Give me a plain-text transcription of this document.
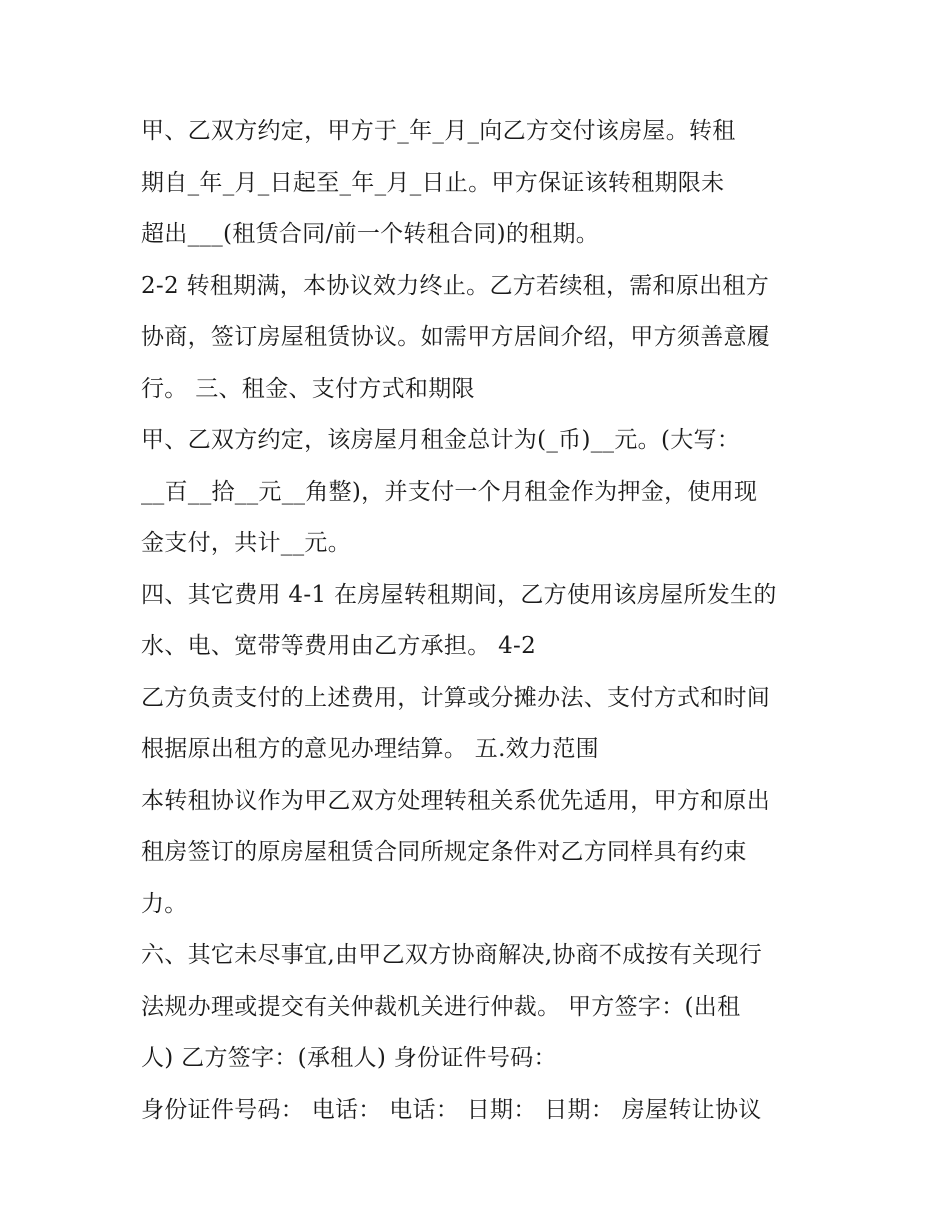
甲、乙双方约定，甲方于_年_月_向乙方交付该房屋。转租
期自_年_月_日起至_年_月_日止。甲方保证该转租期限未
超出___(租赁合同/前一个转租合同)的租期。
2-2 转租期满，本协议效力终止。乙方若续租，需和原出租方
协商，签订房屋租赁协议。如需甲方居间介绍，甲方须善意履
行。 三、租金、支付方式和期限
甲、乙双方约定，该房屋月租金总计为(_币)__元。(大写：
__百__拾__元__角整)，并支付一个月租金作为押金，使用现
金支付，共计__元。
四、其它费用 4-1 在房屋转租期间，乙方使用该房屋所发生的
水、电、宽带等费用由乙方承担。 4-2
乙方负责支付的上述费用，计算或分摊办法、支付方式和时间
根据原出租方的意见办理结算。 五.效力范围
本转租协议作为甲乙双方处理转租关系优先适用，甲方和原出
租房签订的原房屋租赁合同所规定条件对乙方同样具有约束
力。
六、其它未尽事宜,由甲乙双方协商解决,协商不成按有关现行
法规办理或提交有关仲裁机关进行仲裁。 甲方签字：(出租
人) 乙方签字：(承租人) 身份证件号码：
身份证件号码： 电话： 电话： 日期： 日期： 房屋转让协议
